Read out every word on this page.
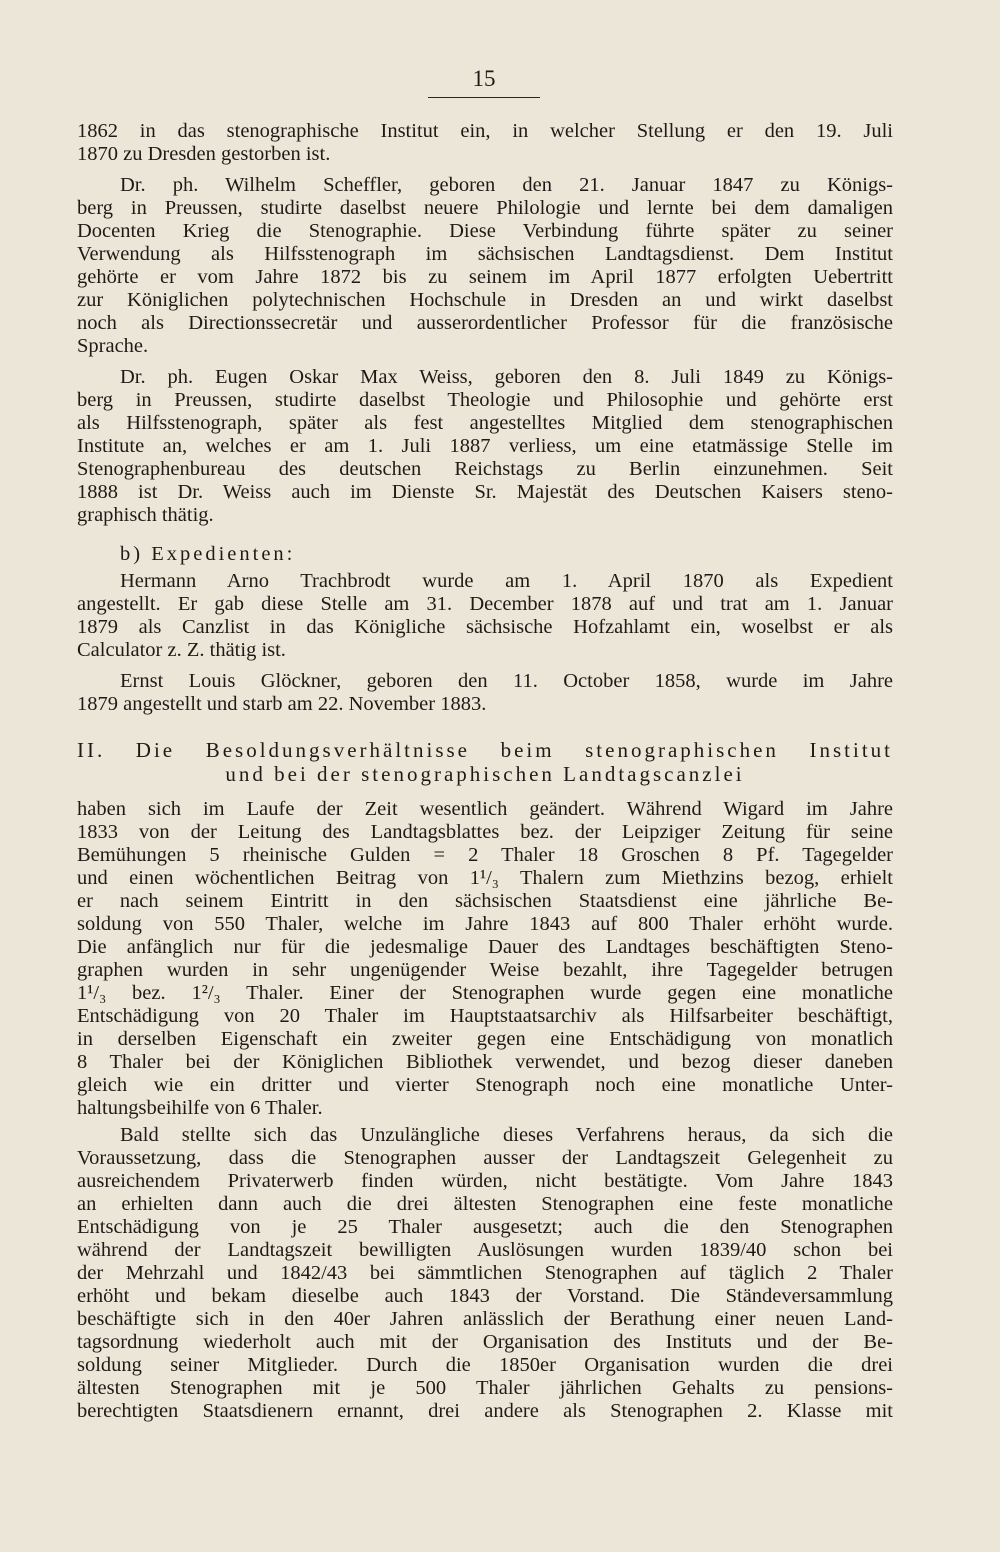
15
1862 in das stenographische Institut ein, in welcher Stellung er den 19. Juli
1870 zu Dresden gestorben ist.
Dr. ph. Wilhelm Scheffler, geboren den 21. Januar 1847 zu Königs-
berg in Preussen, studirte daselbst neuere Philologie und lernte bei dem damaligen
Docenten Krieg die Stenographie. Diese Verbindung führte später zu seiner
Verwendung als Hilfsstenograph im sächsischen Landtagsdienst. Dem Institut
gehörte er vom Jahre 1872 bis zu seinem im April 1877 erfolgten Uebertritt
zur Königlichen polytechnischen Hochschule in Dresden an und wirkt daselbst
noch als Directionssecretär und ausserordentlicher Professor für die französische
Sprache.
Dr. ph. Eugen Oskar Max Weiss, geboren den 8. Juli 1849 zu Königs-
berg in Preussen, studirte daselbst Theologie und Philosophie und gehörte erst
als Hilfsstenograph, später als fest angestelltes Mitglied dem stenographischen
Institute an, welches er am 1. Juli 1887 verliess, um eine etatmässige Stelle im
Stenographenbureau des deutschen Reichstags zu Berlin einzunehmen. Seit
1888 ist Dr. Weiss auch im Dienste Sr. Majestät des Deutschen Kaisers steno-
graphisch thätig.
b) Expedienten:
Hermann Arno Trachbrodt wurde am 1. April 1870 als Expedient
angestellt. Er gab diese Stelle am 31. December 1878 auf und trat am 1. Januar
1879 als Canzlist in das Königliche sächsische Hofzahlamt ein, woselbst er als
Calculator z. Z. thätig ist.
Ernst Louis Glöckner, geboren den 11. October 1858, wurde im Jahre
1879 angestellt und starb am 22. November 1883.
II. Die Besoldungsverhältnisse beim stenographischen Institut
und bei der stenographischen Landtagscanzlei
haben sich im Laufe der Zeit wesentlich geändert. Während Wigard im Jahre
1833 von der Leitung des Landtagsblattes bez. der Leipziger Zeitung für seine
Bemühungen 5 rheinische Gulden = 2 Thaler 18 Groschen 8 Pf. Tagegelder
und einen wöchentlichen Beitrag von 1¹/₃ Thalern zum Miethzins bezog, erhielt
er nach seinem Eintritt in den sächsischen Staatsdienst eine jährliche Be-
soldung von 550 Thaler, welche im Jahre 1843 auf 800 Thaler erhöht wurde.
Die anfänglich nur für die jedesmalige Dauer des Landtages beschäftigten Steno-
graphen wurden in sehr ungenügender Weise bezahlt, ihre Tagegelder betrugen
1¹/₃ bez. 1²/₃ Thaler. Einer der Stenographen wurde gegen eine monatliche
Entschädigung von 20 Thaler im Hauptstaatsarchiv als Hilfsarbeiter beschäftigt,
in derselben Eigenschaft ein zweiter gegen eine Entschädigung von monatlich
8 Thaler bei der Königlichen Bibliothek verwendet, und bezog dieser daneben
gleich wie ein dritter und vierter Stenograph noch eine monatliche Unter-
haltungsbeihilfe von 6 Thaler.
Bald stellte sich das Unzulängliche dieses Verfahrens heraus, da sich die
Voraussetzung, dass die Stenographen ausser der Landtagszeit Gelegenheit zu
ausreichendem Privaterwerb finden würden, nicht bestätigte. Vom Jahre 1843
an erhielten dann auch die drei ältesten Stenographen eine feste monatliche
Entschädigung von je 25 Thaler ausgesetzt; auch die den Stenographen
während der Landtagszeit bewilligten Auslösungen wurden 1839/40 schon bei
der Mehrzahl und 1842/43 bei sämmtlichen Stenographen auf täglich 2 Thaler
erhöht und bekam dieselbe auch 1843 der Vorstand. Die Ständeversammlung
beschäftigte sich in den 40er Jahren anlässlich der Berathung einer neuen Land-
tagsordnung wiederholt auch mit der Organisation des Instituts und der Be-
soldung seiner Mitglieder. Durch die 1850er Organisation wurden die drei
ältesten Stenographen mit je 500 Thaler jährlichen Gehalts zu pensions-
berechtigten Staatsdienern ernannt, drei andere als Stenographen 2. Klasse mit
